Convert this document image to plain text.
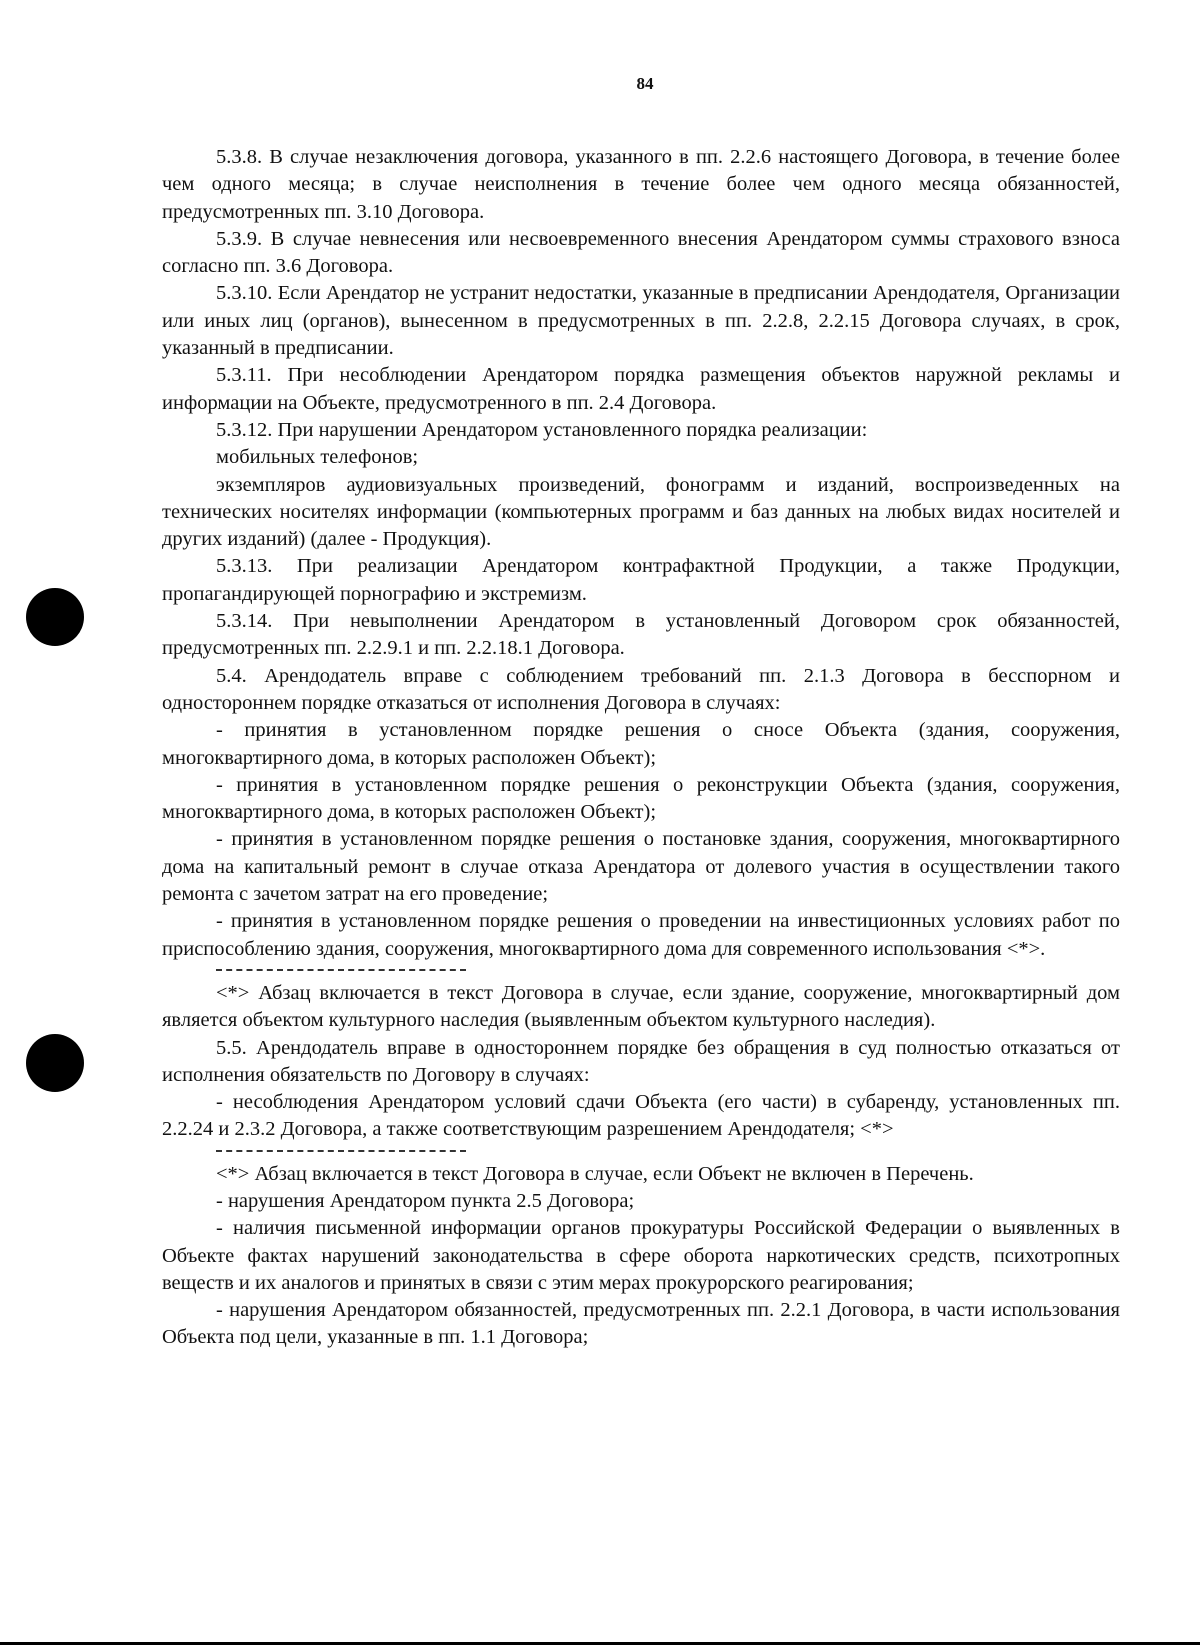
84

5.3.8. В случае незаключения договора, указанного в пп. 2.2.6 настоящего Договора, в течение более чем одного месяца; в случае неисполнения в течение более чем одного месяца обязанностей, предусмотренных пп. 3.10 Договора.

5.3.9. В случае невнесения или несвоевременного внесения Арендатором суммы страхового взноса согласно пп. 3.6 Договора.

5.3.10. Если Арендатор не устранит недостатки, указанные в предписании Арендодателя, Организации или иных лиц (органов), вынесенном в предусмотренных в пп. 2.2.8, 2.2.15 Договора случаях, в срок, указанный в предписании.

5.3.11. При несоблюдении Арендатором порядка размещения объектов наружной рекламы и информации на Объекте, предусмотренного в пп. 2.4 Договора.

5.3.12. При нарушении Арендатором установленного порядка реализации:

мобильных телефонов;

экземпляров аудиовизуальных произведений, фонограмм и изданий, воспроизведенных на технических носителях информации (компьютерных программ и баз данных на любых видах носителей и других изданий) (далее - Продукция).

5.3.13. При реализации Арендатором контрафактной Продукции, а также Продукции, пропагандирующей порнографию и экстремизм.

5.3.14. При невыполнении Арендатором в установленный Договором срок обязанностей, предусмотренных пп. 2.2.9.1 и пп. 2.2.18.1 Договора.

5.4. Арендодатель вправе с соблюдением требований пп. 2.1.3 Договора в бесспорном и одностороннем порядке отказаться от исполнения Договора в случаях:

- принятия в установленном порядке решения о сносе Объекта (здания, сооружения, многоквартирного дома, в которых расположен Объект);

- принятия в установленном порядке решения о реконструкции Объекта (здания, сооружения, многоквартирного дома, в которых расположен Объект);

- принятия в установленном порядке решения о постановке здания, сооружения, многоквартирного дома на капитальный ремонт в случае отказа Арендатора от долевого участия в осуществлении такого ремонта с зачетом затрат на его проведение;

- принятия в установленном порядке решения о проведении на инвестиционных условиях работ по приспособлению здания, сооружения, многоквартирного дома для современного использования <*>.

<*> Абзац включается в текст Договора в случае, если здание, сооружение, многоквартирный дом является объектом культурного наследия (выявленным объектом культурного наследия).

5.5. Арендодатель вправе в одностороннем порядке без обращения в суд полностью отказаться от исполнения обязательств по Договору в случаях:

- несоблюдения Арендатором условий сдачи Объекта (его части) в субаренду, установленных пп. 2.2.24 и 2.3.2 Договора, а также соответствующим разрешением Арендодателя; <*>

<*> Абзац включается в текст Договора в случае, если Объект не включен в Перечень.

- нарушения Арендатором пункта 2.5 Договора;

- наличия письменной информации органов прокуратуры Российской Федерации о выявленных в Объекте фактах нарушений законодательства в сфере оборота наркотических средств, психотропных веществ и их аналогов и принятых в связи с этим мерах прокурорского реагирования;

- нарушения Арендатором обязанностей, предусмотренных пп. 2.2.1 Договора, в части использования Объекта под цели, указанные в пп. 1.1 Договора;
